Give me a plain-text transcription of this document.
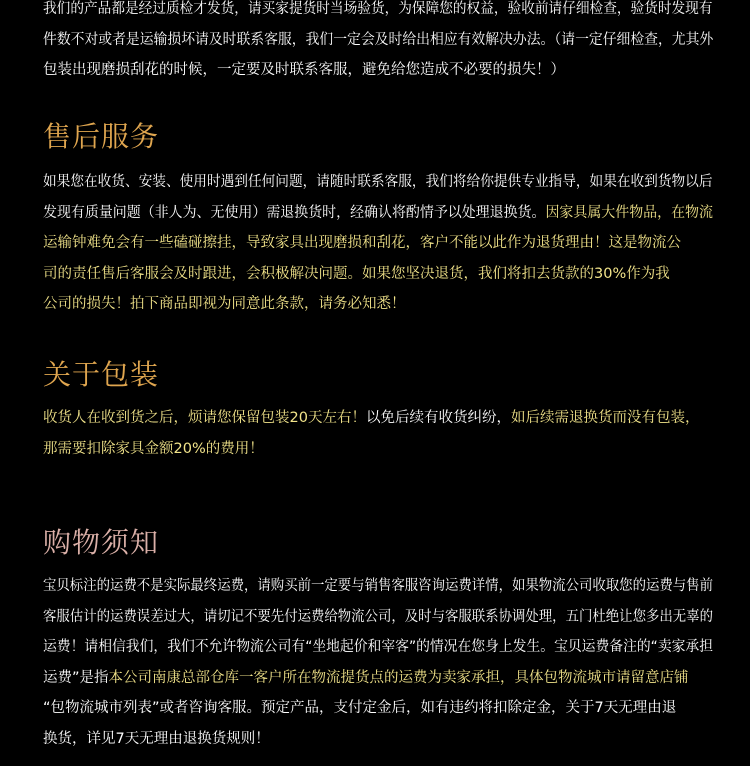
我们的产品都是经过质检才发货，请买家提货时当场验货，为保障您的权益，验收前请仔细检查，验货时发现有
件数不对或者是运输损坏请及时联系客服，我们一定会及时给出相应有效解决办法。（请一定仔细检查，尤其外
包装出现磨损刮花的时候，一定要及时联系客服，避免给您造成不必要的损失！）
售后服务
如果您在收货、安装、使用时遇到任何问题，请随时联系客服，我们将给你提供专业指导，如果在收到货物以后
发现有质量问题（非人为、无使用）需退换货时，经确认将酌情予以处理退换货。因家具属大件物品，在物流
运输钟难免会有一些磕碰擦挂，导致家具出现磨损和刮花，客户不能以此作为退货理由！这是物流公
司的责任售后客服会及时跟进，会积极解决问题。如果您坚决退货，我们将扣去货款的30%作为我
公司的损失！拍下商品即视为同意此条款，请务必知悉！
关于包装
收货人在收到货之后，烦请您保留包装20天左右！以免后续有收货纠纷，如后续需退换货而没有包装，
那需要扣除家具金额20%的费用！
购物须知
宝贝标注的运费不是实际最终运费，请购买前一定要与销售客服咨询运费详情，如果物流公司收取您的运费与售前
客服估计的运费误差过大，请切记不要先付运费给物流公司，及时与客服联系协调处理，五门杜绝让您多出无辜的
运费！请相信我们，我们不允许物流公司有“坐地起价和宰客”的情况在您身上发生。宝贝运费备注的“卖家承担
运费”是指本公司南康总部仓库一客户所在物流提货点的运费为卖家承担，具体包物流城市请留意店铺
“包物流城市列表”或者咨询客服。预定产品，支付定金后，如有违约将扣除定金，关于7天无理由退
换货，详见7天无理由退换货规则！
